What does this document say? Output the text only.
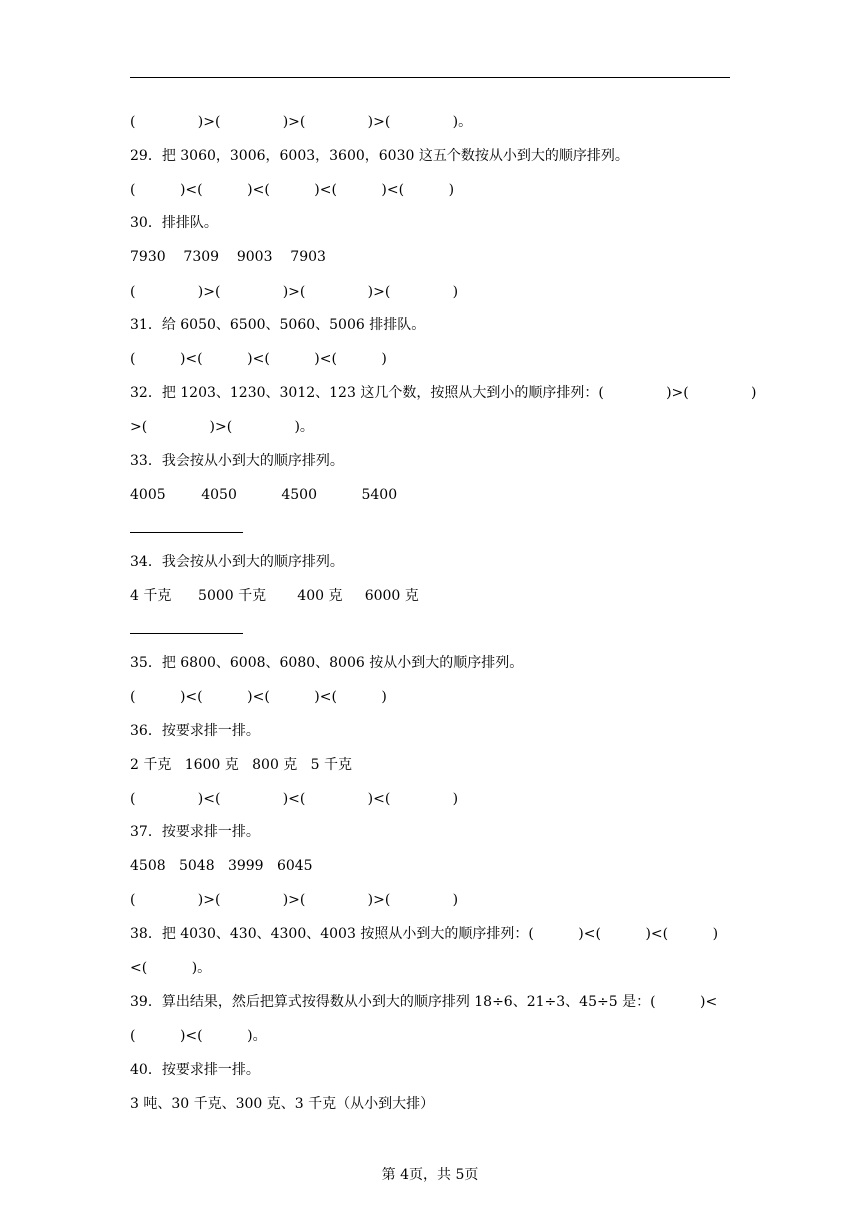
(              )>(              )>(              )>(              )。
29．把 3060，3006，6003，3600，6030 这五个数按从小到大的顺序排列。
(          )<(          )<(          )<(          )<(          )
30．排排队。
7930    7309    9003    7903
(              )>(              )>(              )>(              )
31．给 6050、6500、5060、5006 排排队。
(          )<(          )<(          )<(          )
32．把 1203、1230、3012、123 这几个数，按照从大到小的顺序排列：(              )>(              )
>(              )>(              )。
33．我会按从小到大的顺序排列。
4005        4050          4500          5400
34．我会按从小到大的顺序排列。
4 千克      5000 千克       400 克     6000 克
35．把 6800、6008、6080、8006 按从小到大的顺序排列。
(          )<(          )<(          )<(          )
36．按要求排一排。
2 千克   1600 克   800 克   5 千克
(              )<(              )<(              )<(              )
37．按要求排一排。
4508   5048   3999   6045
(              )>(              )>(              )>(              )
38．把 4030、430、4300、4003 按照从小到大的顺序排列：(          )<(          )<(          )
<(          )。
39．算出结果，然后把算式按得数从小到大的顺序排列 18÷6、21÷3、45÷5 是：(          )<
(          )<(          )。
40．按要求排一排。
3 吨、30 千克、300 克、3 千克（从小到大排）
第 4页，共 5页
